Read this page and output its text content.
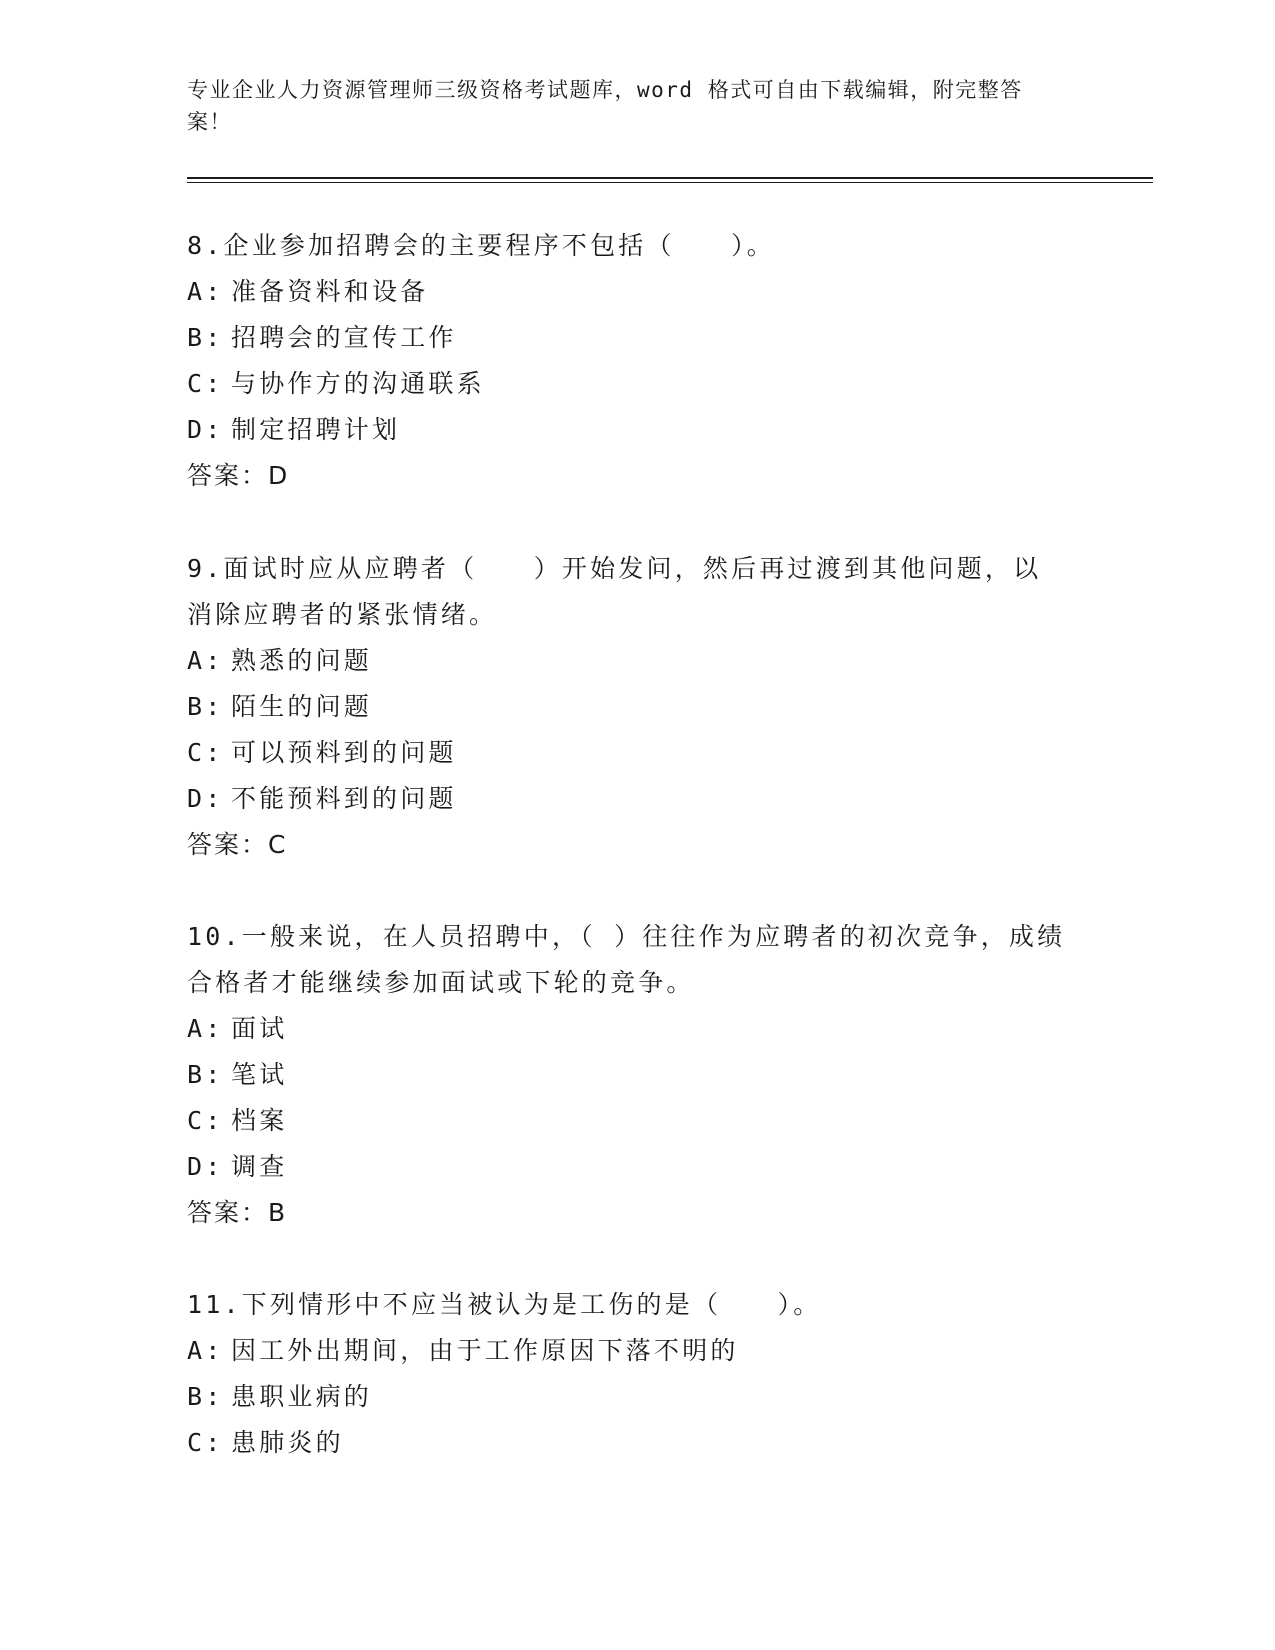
专业企业人力资源管理师三级资格考试题库，word 格式可自由下载编辑，附完整答案！
8.企业参加招聘会的主要程序不包括（　　）。
A: 准备资料和设备
B: 招聘会的宣传工作
C: 与协作方的沟通联系
D: 制定招聘计划
答案：D
9.面试时应从应聘者（　　）开始发问，然后再过渡到其他问题，以消除应聘者的紧张情绪。
A: 熟悉的问题
B: 陌生的问题
C: 可以预料到的问题
D: 不能预料到的问题
答案：C
10.一般来说，在人员招聘中，（ ）往往作为应聘者的初次竞争，成绩合格者才能继续参加面试或下轮的竞争。
A: 面试
B: 笔试
C: 档案
D: 调查
答案：B
11.下列情形中不应当被认为是工伤的是（　　）。
A: 因工外出期间，由于工作原因下落不明的
B: 患职业病的
C: 患肺炎的
